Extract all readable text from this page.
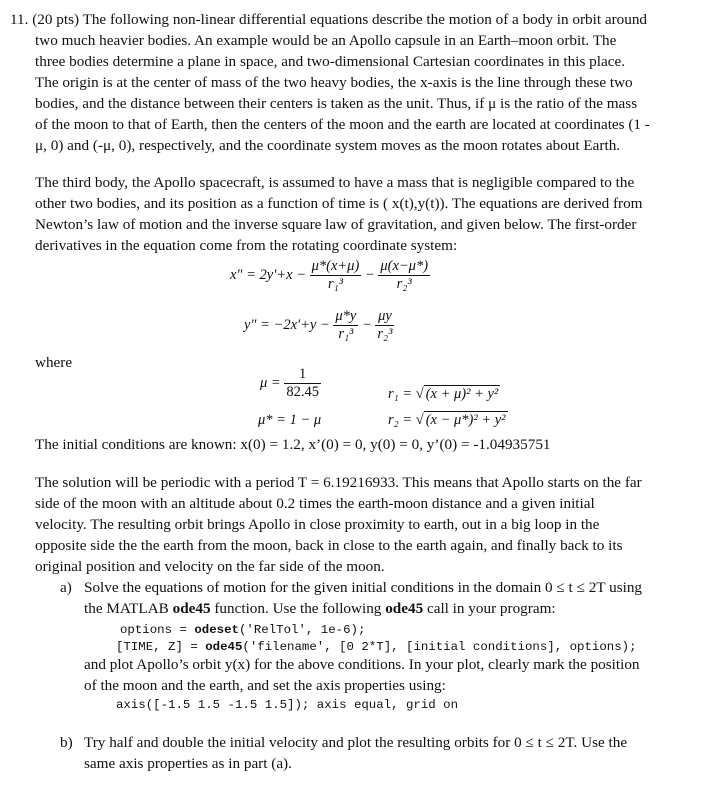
11. (20 pts) The following non-linear differential equations describe the motion of a body in orbit around
two much heavier bodies. An example would be an Apollo capsule in an Earth–moon orbit. The
three bodies determine a plane in space, and two-dimensional Cartesian coordinates in this place.
The origin is at the center of mass of the two heavy bodies, the x-axis is the line through these two
bodies, and the distance between their centers is taken as the unit. Thus, if μ is the ratio of the mass
of the moon to that of Earth, then the centers of the moon and the earth are located at coordinates (1 -
μ, 0) and (-μ, 0), respectively, and the coordinate system moves as the moon rotates about Earth.
The third body, the Apollo spacecraft, is assumed to have a mass that is negligible compared to the
other two bodies, and its position as a function of time is ( x(t),y(t)). The equations are derived from
Newton’s law of motion and the inverse square law of gravitation, and given below. The first-order
derivatives in the equation come from the rotating coordinate system:
x" = $2y'+x - \frac{\mu*(x+\mu)}{\text{r₁³}} - \frac{\mu(x-\mu*)}{\text{r₂³}}$
y" = $-2x'+y - \frac{\mu*y}{\text{r₁³}} - \frac{\mu y}{\text{r₂³}}$
where
$\mu = \frac{1}{82.45}$	r₁ = √ (x + μ)² + y²
μ* = 1 − μ	r₂ = √ (x − μ*)² + y²
The initial conditions are known: x(0) = 1.2, x’(0) = 0, y(0) = 0, y’(0) = -1.04935751
The solution will be periodic with a period T = 6.19216933. This means that Apollo starts on the far
side of the moon with an altitude about 0.2 times the earth-moon distance and a given initial
velocity. The resulting orbit brings Apollo in close proximity to earth, out in a big loop in the
opposite side the the earth from the moon, back in close to the earth again, and finally back to its
original position and velocity on the far side of the moon.
a) Solve the equations of motion for the given initial conditions in the domain 0 ≤ t ≤ 2T using
the MATLAB ode45 function. Use the following ode45 call in your program:
options = odeset('RelTol', 1e-6);
[TIME, Z] = ode45('filename', [0 2*T], [initial conditions], options);
and plot Apollo’s orbit y(x) for the above conditions. In your plot, clearly mark the position
of the moon and the earth, and set the axis properties using:
axis([-1.5 1.5 -1.5 1.5]); axis equal, grid on
b) Try half and double the initial velocity and plot the resulting orbits for 0 ≤ t ≤ 2T. Use the
same axis properties as in part (a).
